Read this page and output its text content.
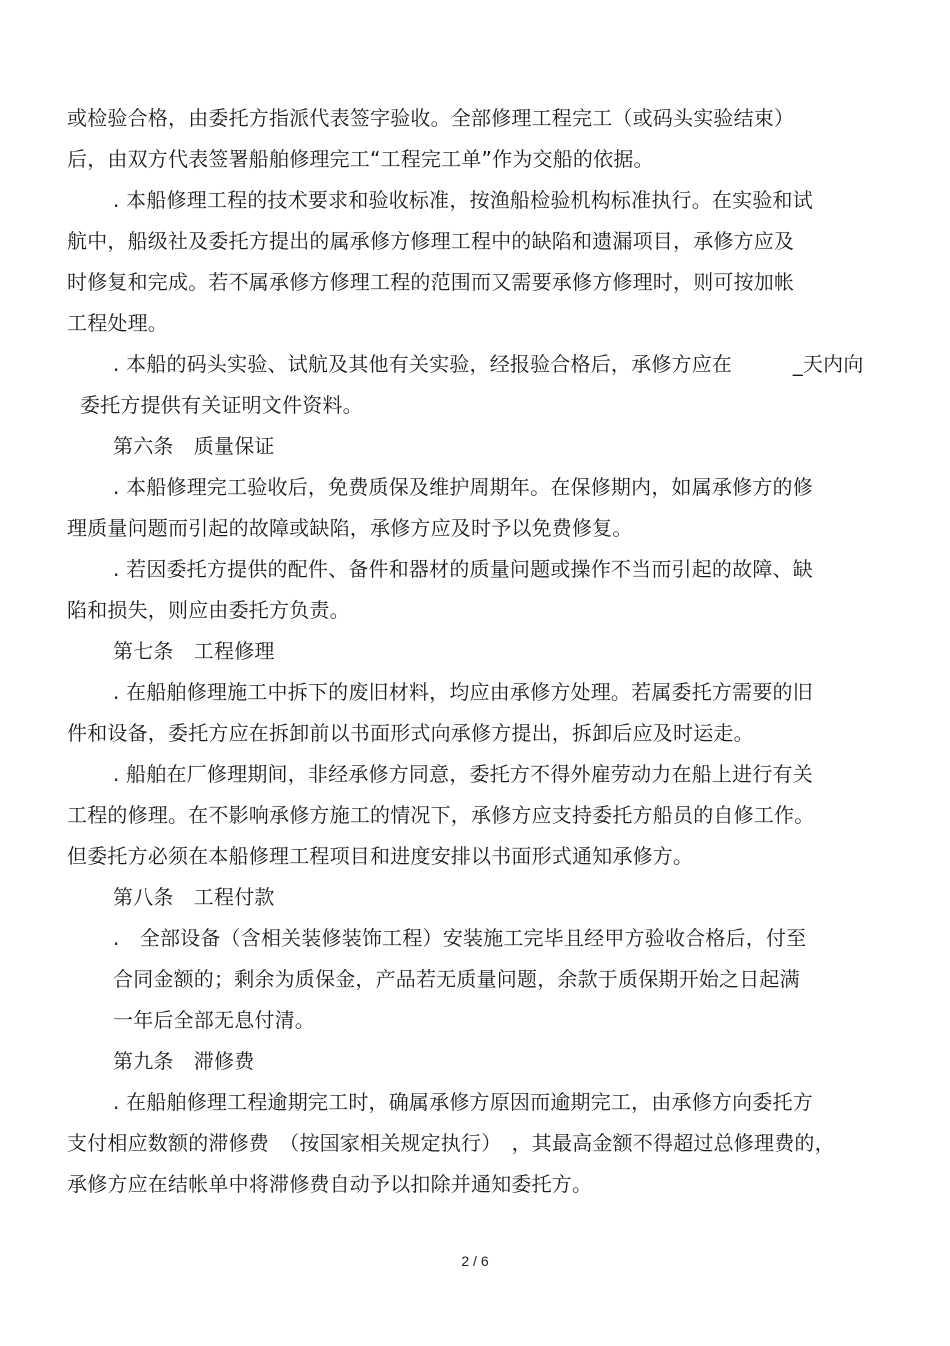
或检验合格，由委托方指派代表签字验收。全部修理工程完工（或码头实验结束）
后，由双方代表签署船舶修理完工“工程完工单”作为交船的依据。
. 本船修理工程的技术要求和验收标准，按渔船检验机构标准执行。在实验和试
航中，船级社及委托方提出的属承修方修理工程中的缺陷和遗漏项目，承修方应及
时修复和完成。若不属承修方修理工程的范围而又需要承修方修理时，则可按加帐
工程处理。
. 本船的码头实验、试航及其他有关实验，经报验合格后，承修方应在　　　_天内向
委托方提供有关证明文件资料。
第六条　质量保证
. 本船修理完工验收后，免费质保及维护周期年。在保修期内，如属承修方的修
理质量问题而引起的故障或缺陷，承修方应及时予以免费修复。
. 若因委托方提供的配件、备件和器材的质量问题或操作不当而引起的故障、缺
陷和损失，则应由委托方负责。
第七条　工程修理
. 在船舶修理施工中拆下的废旧材料，均应由承修方处理。若属委托方需要的旧
件和设备，委托方应在拆卸前以书面形式向承修方提出，拆卸后应及时运走。
. 船舶在厂修理期间，非经承修方同意，委托方不得外雇劳动力在船上进行有关
工程的修理。在不影响承修方施工的情况下，承修方应支持委托方船员的自修工作。
但委托方必须在本船修理工程项目和进度安排以书面形式通知承修方。
第八条　工程付款
.　全部设备（含相关装修装饰工程）安装施工完毕且经甲方验收合格后，付至
合同金额的；剩余为质保金，产品若无质量问题，余款于质保期开始之日起满
一年后全部无息付清。
第九条　滞修费
. 在船舶修理工程逾期完工时，确属承修方原因而逾期完工，由承修方向委托方
支付相应数额的滞修费　（按国家相关规定执行）　，其最高金额不得超过总修理费的，
承修方应在结帐单中将滞修费自动予以扣除并通知委托方。
2 / 6
